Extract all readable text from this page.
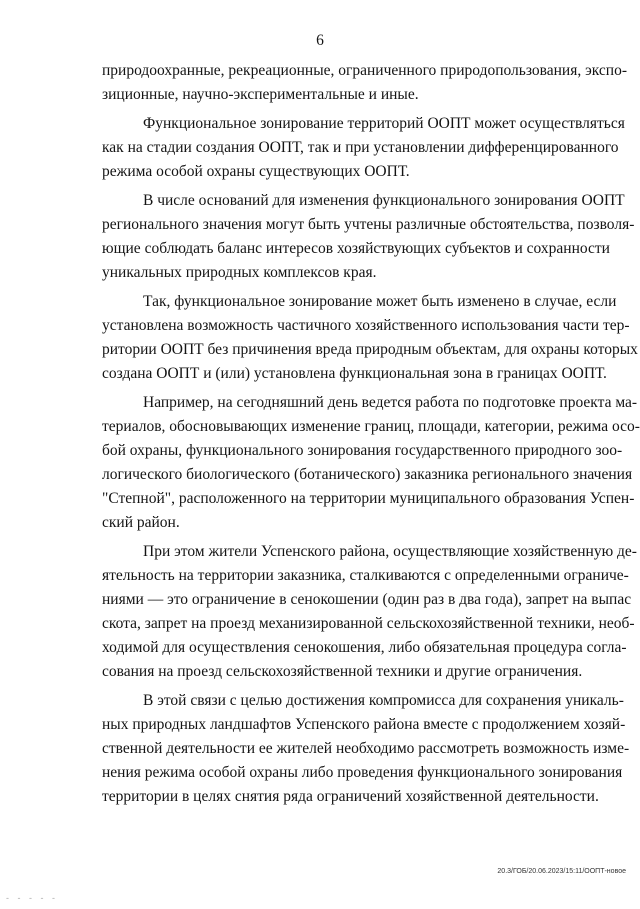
6
природоохранные, рекреационные, ограниченного природопользования, экспо-
зиционные, научно-экспериментальные и иные.
Функциональное зонирование территорий ООПТ может осуществляться
как на стадии создания ООПТ, так и при установлении дифференцированного
режима особой охраны существующих ООПТ.
В числе оснований для изменения функционального зонирования ООПТ
регионального значения могут быть учтены различные обстоятельства, позволя-
ющие соблюдать баланс интересов хозяйствующих субъектов и сохранности
уникальных природных комплексов края.
Так, функциональное зонирование может быть изменено в случае, если
установлена возможность частичного хозяйственного использования части тер-
ритории ООПТ без причинения вреда природным объектам, для охраны которых
создана ООПТ и (или) установлена функциональная зона в границах ООПТ.
Например, на сегодняшний день ведется работа по подготовке проекта ма-
териалов, обосновывающих изменение границ, площади, категории, режима осо-
бой охраны, функционального зонирования государственного природного зоо-
логического биологического (ботанического) заказника регионального значения
"Степной", расположенного на территории муниципального образования Успен-
ский район.
При этом жители Успенского района, осуществляющие хозяйственную де-
ятельность на территории заказника, сталкиваются с определенными ограниче-
ниями — это ограничение в сенокошении (один раз в два года), запрет на выпас
скота, запрет на проезд механизированной сельскохозяйственной техники, необ-
ходимой для осуществления сенокошения, либо обязательная процедура согла-
сования на проезд сельскохозяйственной техники и другие ограничения.
В этой связи с целью достижения компромисса для сохранения уникаль-
ных природных ландшафтов Успенского района вместе с продолжением хозяй-
ственной деятельности ее жителей необходимо рассмотреть возможность изме-
нения режима особой охраны либо проведения функционального зонирования
территории в целях снятия ряда ограничений хозяйственной деятельности.
20.3/ГОБ/20.06.2023/15:11/ООПТ-новое
- - - - -
